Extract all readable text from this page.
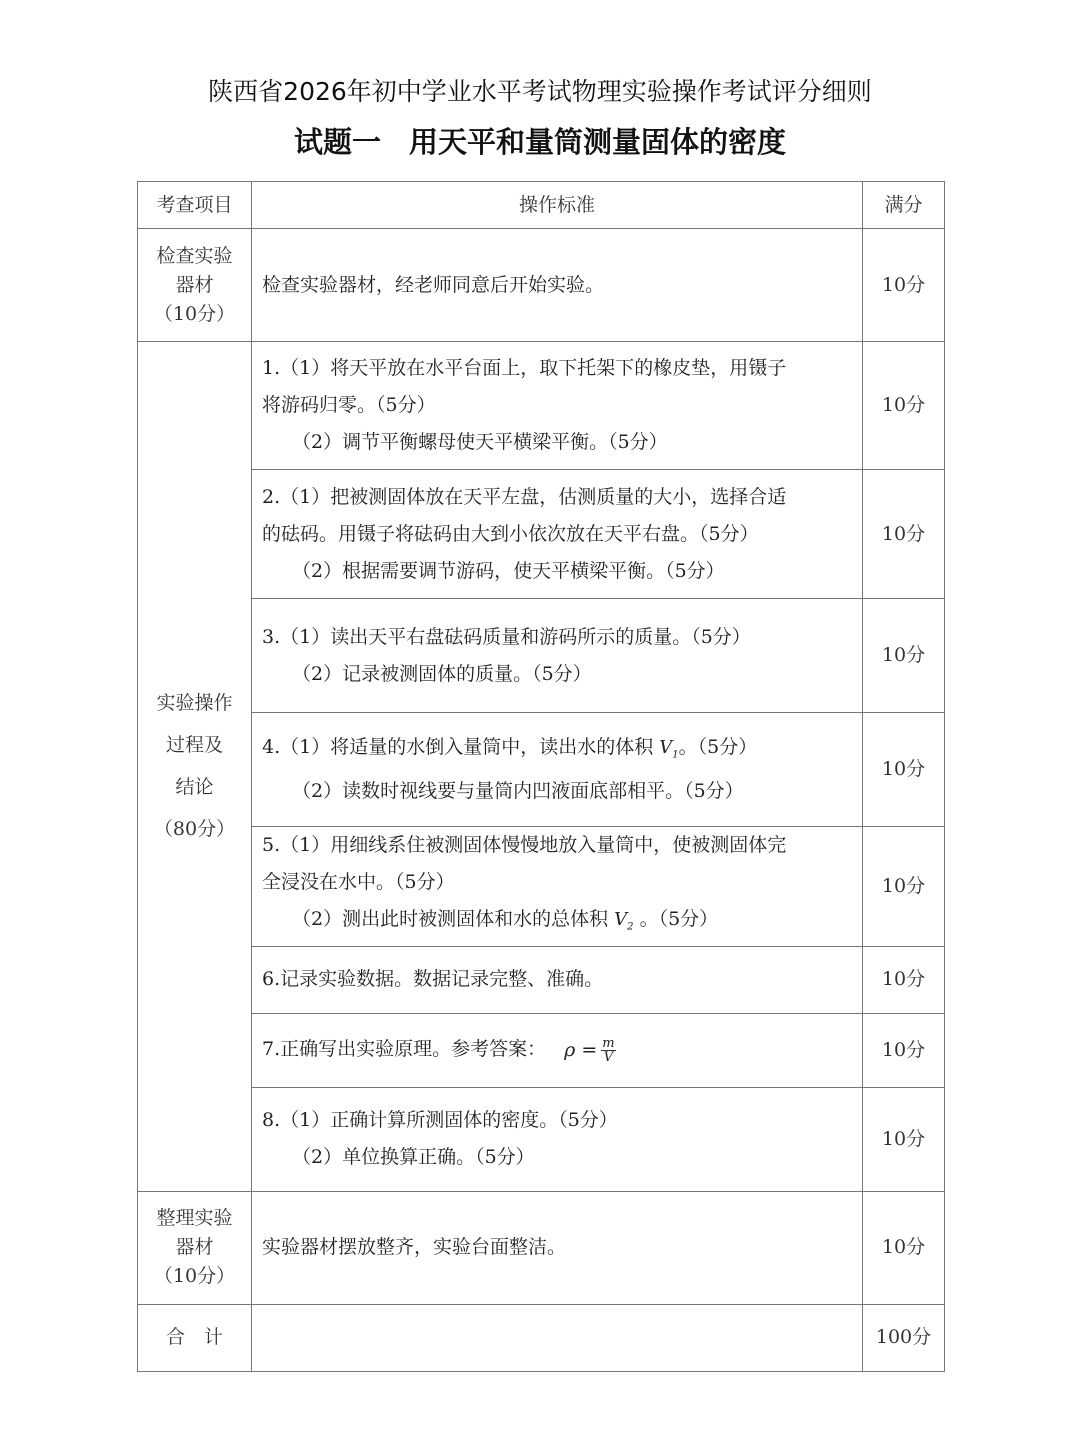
陕西省2026年初中学业水平考试物理实验操作考试评分细则
试题一 用天平和量筒测量固体的密度
考查项目	操作标准	满分

检查实验
器材
（10分）	检查实验器材，经老师同意后开始实验。	10分

实验操作
过程及
结论
（80分）	1.（1）将天平放在水平台面上，取下托架下的橡皮垫，用镊子
将游码归零。（5分）
（2）调节平衡螺母使天平横梁平衡。（5分）	10分

	2.（1）把被测固体放在天平左盘，估测质量的大小，选择合适
的砝码。用镊子将砝码由大到小依次放在天平右盘。（5分）
（2）根据需要调节游码，使天平横梁平衡。（5分）	10分

	3.（1）读出天平右盘砝码质量和游码所示的质量。（5分）
（2）记录被测固体的质量。（5分）	10分

	4.（1）将适量的水倒入量筒中，读出水的体积 $V_1$。（5分）
（2）读数时视线要与量筒内凹液面底部相平。（5分）	10分

	5.（1）用细线系住被测固体慢慢地放入量筒中，使被测固体完
全浸没在水中。（5分）
（2）测出此时被测固体和水的总体积 $V_2$ 。（5分）	10分

	6.记录实验数据。数据记录完整、准确。	10分

	7.正确写出实验原理。参考答案： $\rho = \frac{m}{V}$	10分

	8.（1）正确计算所测固体的密度。（5分）
（2）单位换算正确。（5分）	10分

整理实验
器材
（10分）	实验器材摆放整齐，实验台面整洁。	10分
合　计		100分
